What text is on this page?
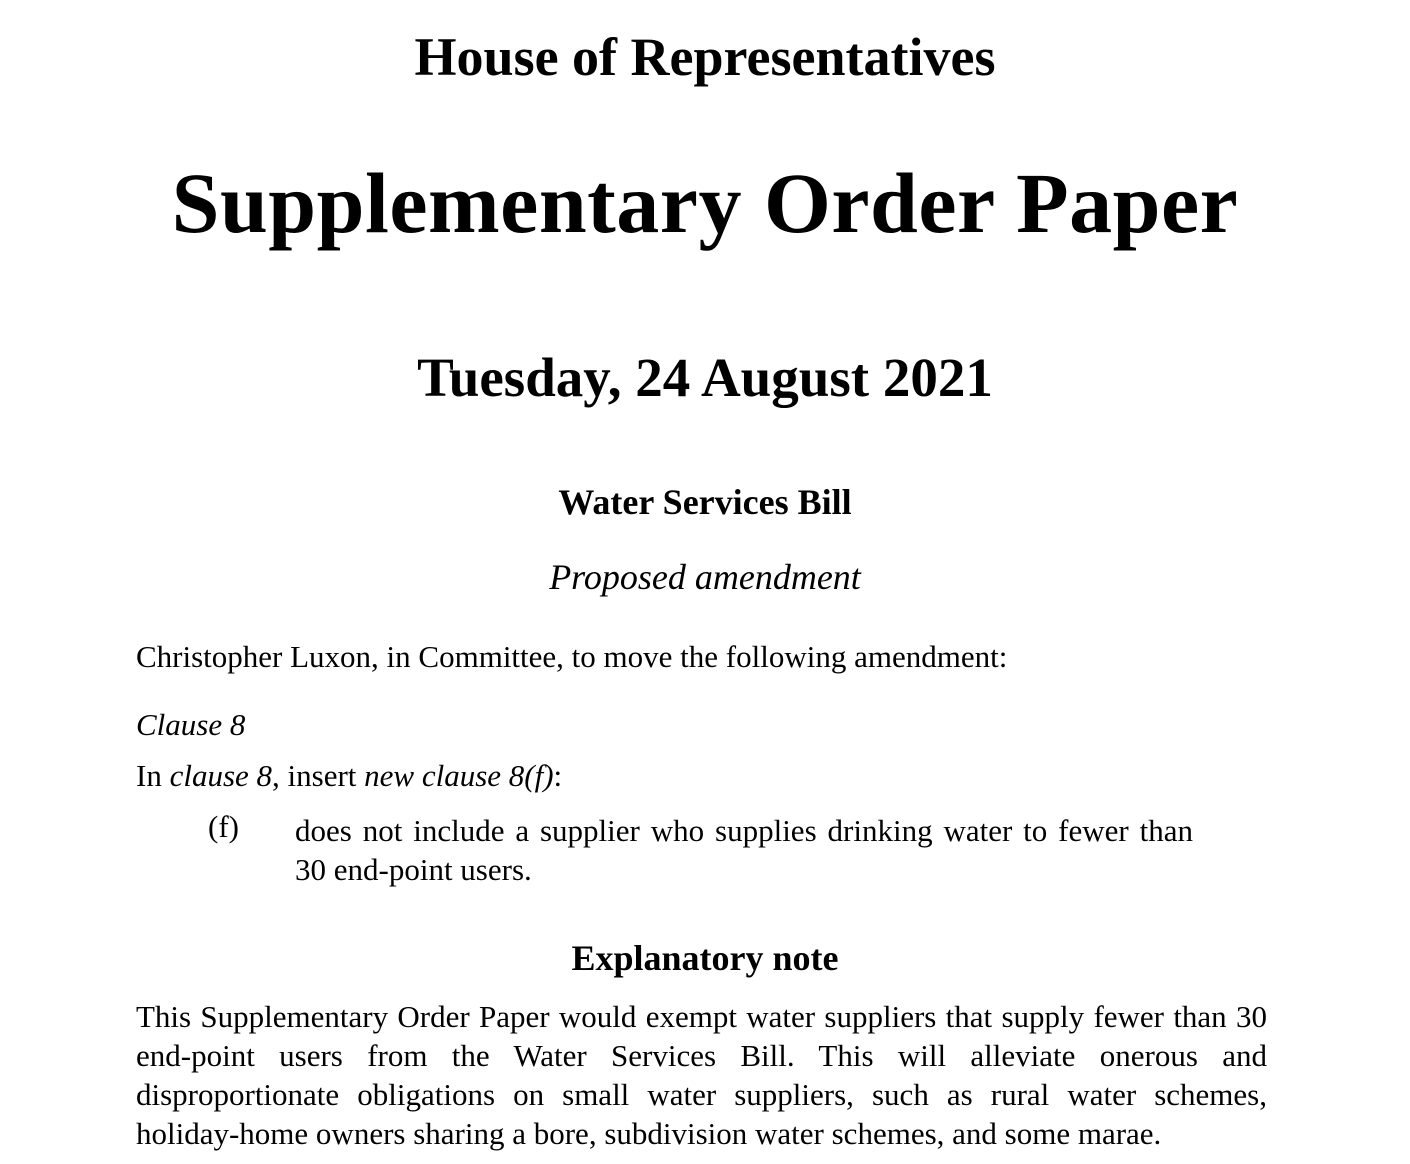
House of Representatives
Supplementary Order Paper
Tuesday, 24 August 2021
Water Services Bill
Proposed amendment
Christopher Luxon, in Committee, to move the following amendment:
Clause 8
In clause 8, insert new clause 8(f):
(f) does not include a supplier who supplies drinking water to fewer than 30 end-point users.
Explanatory note
This Supplementary Order Paper would exempt water suppliers that supply fewer than 30 end-point users from the Water Services Bill. This will alleviate onerous and disproportionate obligations on small water suppliers, such as rural water schemes, holiday-home owners sharing a bore, subdivision water schemes, and some marae.
